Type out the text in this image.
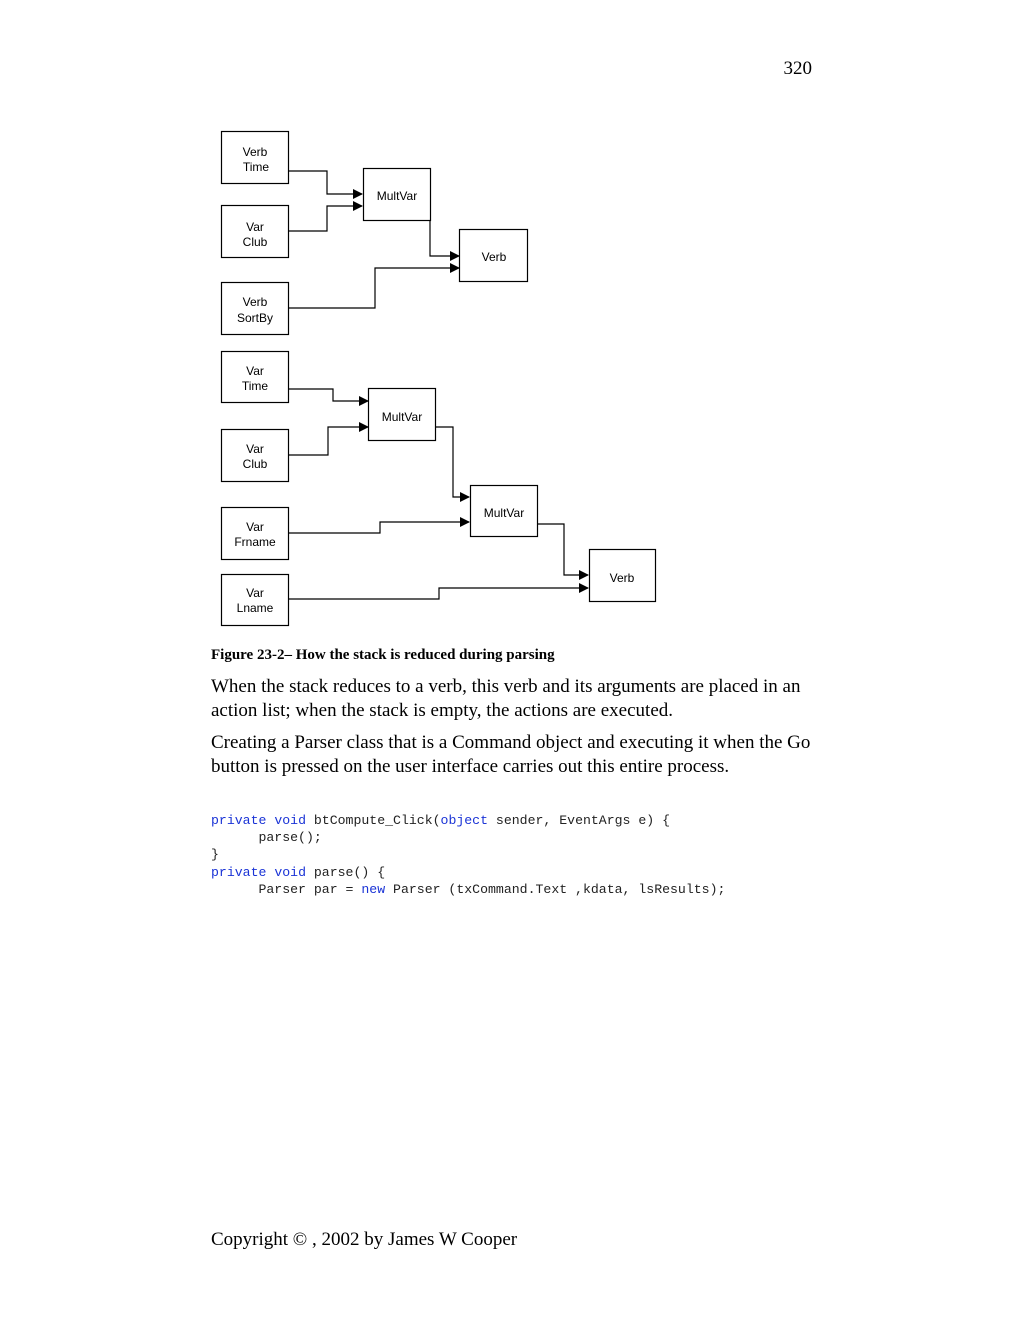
320
Verb
Time
Var
Club
Verb
SortBy
MultVar
Verb
Var
Time
Var
Club
Var
Frname
Var
Lname
MultVar
MultVar
Verb
Figure 23-2– How the stack is reduced during parsing

When the stack reduces to a verb, this verb and its arguments are placed in an action list; when the stack is empty, the actions are executed.

Creating a Parser class that is a Command object and executing it when the Go button is pressed on the user interface carries out this entire process.

private void btCompute_Click(object sender, EventArgs e) {
parse();
}
private void parse() {
Parser par = new Parser (txCommand.Text ,kdata, lsResults);
Copyright © , 2002 by James W Cooper
